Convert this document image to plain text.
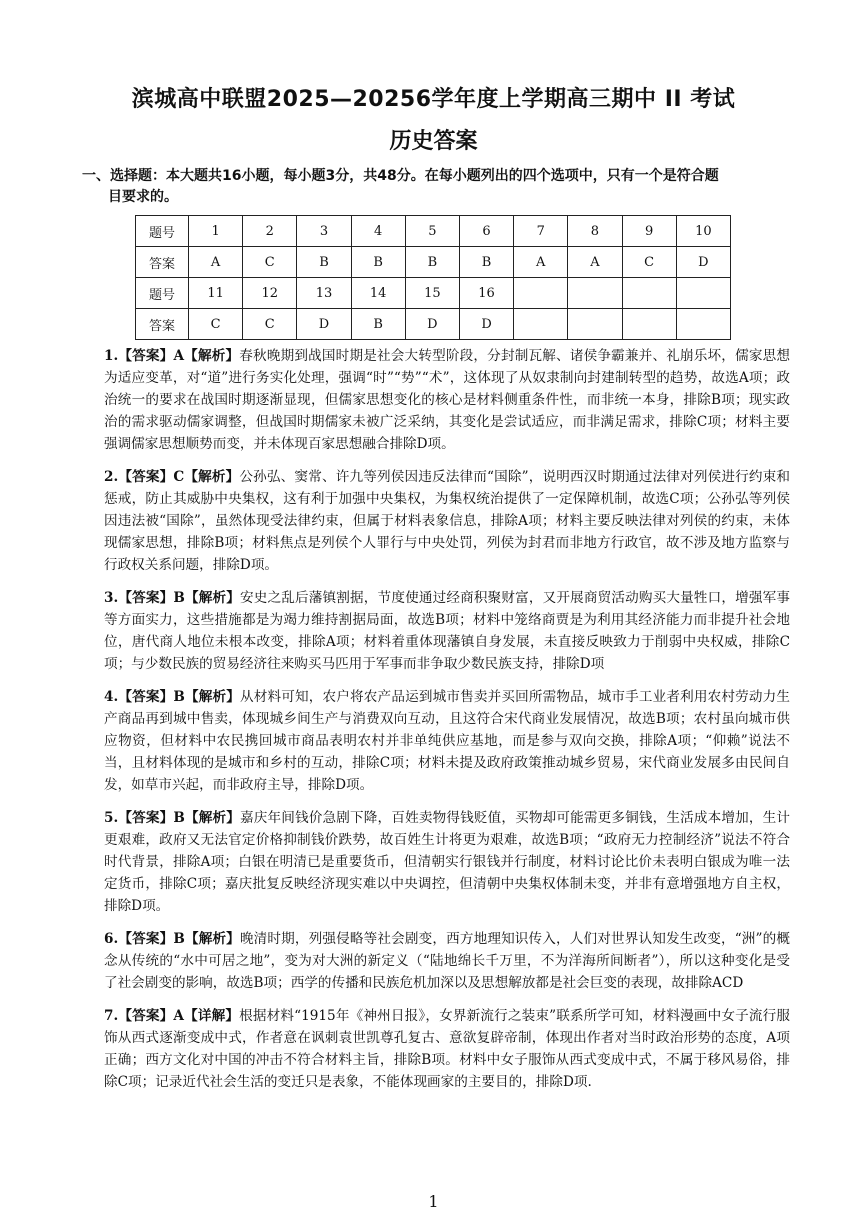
滨城高中联盟2025—20256学年度上学期高三期中 II 考试
历史答案
一、选择题：本大题共16小题，每小题3分，共48分。在每小题列出的四个选项中，只有一个是符合题
目要求的。
题号	1	2	3	4	5	6	7	8	9	10
答案	A	C	B	B	B	B	A	A	C	D
题号	11	12	13	14	15	16				
答案	C	C	D	B	D	D				

1.【答案】A【解析】春秋晚期到战国时期是社会大转型阶段，分封制瓦解、诸侯争霸兼并、礼崩乐坏，儒家思想为适应变革，对“道”进行务实化处理，强调“时”“势”“术”，这体现了从奴隶制向封建制转型的趋势，故选A项；政治统一的要求在战国时期逐渐显现，但儒家思想变化的核心是材料侧重条件性，而非统一本身，排除B项；现实政治的需求驱动儒家调整，但战国时期儒家未被广泛采纳，其变化是尝试适应，而非满足需求，排除C项；材料主要强调儒家思想顺势而变，并未体现百家思想融合排除D项。

2.【答案】C【解析】公孙弘、窦常、许九等列侯因违反法律而“国除”，说明西汉时期通过法律对列侯进行约束和惩戒，防止其威胁中央集权，这有利于加强中央集权，为集权统治提供了一定保障机制，故选C项；公孙弘等列侯因违法被“国除”，虽然体现受法律约束，但属于材料表象信息，排除A项；材料主要反映法律对列侯的约束，未体现儒家思想，排除B项；材料焦点是列侯个人罪行与中央处罚，列侯为封君而非地方行政官，故不涉及地方监察与行政权关系问题，排除D项。

3.【答案】B【解析】安史之乱后藩镇割据，节度使通过经商积聚财富，又开展商贸活动购买大量牲口，增强军事等方面实力，这些措施都是为竭力维持割据局面，故选B项；材料中笼络商贾是为利用其经济能力而非提升社会地位，唐代商人地位未根本改变，排除A项；材料着重体现藩镇自身发展，未直接反映致力于削弱中央权威，排除C项；与少数民族的贸易经济往来购买马匹用于军事而非争取少数民族支持，排除D项

4.【答案】B【解析】从材料可知，农户将农产品运到城市售卖并买回所需物品，城市手工业者利用农村劳动力生产商品再到城中售卖，体现城乡间生产与消费双向互动，且这符合宋代商业发展情况，故选B项；农村虽向城市供应物资，但材料中农民携回城市商品表明农村并非单纯供应基地，而是参与双向交换，排除A项；“仰赖”说法不当，且材料体现的是城市和乡村的互动，排除C项；材料未提及政府政策推动城乡贸易，宋代商业发展多由民间自发，如草市兴起，而非政府主导，排除D项。

5.【答案】B【解析】嘉庆年间钱价急剧下降，百姓卖物得钱贬值，买物却可能需更多铜钱，生活成本增加，生计更艰难，政府又无法官定价格抑制钱价跌势，故百姓生计将更为艰难，故选B项；“政府无力控制经济”说法不符合时代背景，排除A项；白银在明清已是重要货币，但清朝实行银钱并行制度，材料讨论比价未表明白银成为唯一法定货币，排除C项；嘉庆批复反映经济现实难以中央调控，但清朝中央集权体制未变，并非有意增强地方自主权，排除D项。

6.【答案】B【解析】晚清时期，列强侵略等社会剧变，西方地理知识传入，人们对世界认知发生改变，“洲”的概念从传统的“水中可居之地”，变为对大洲的新定义（“陆地绵长千万里，不为洋海所间断者”），所以这种变化是受了社会剧变的影响，故选B项；西学的传播和民族危机加深以及思想解放都是社会巨变的表现，故排除ACD

7.【答案】A【详解】根据材料“1915年《神州日报》，女界新流行之装束”联系所学可知，材料漫画中女子流行服饰从西式逐渐变成中式，作者意在讽刺袁世凯尊孔复古、意欲复辟帝制，体现出作者对当时政治形势的态度，A项正确；西方文化对中国的冲击不符合材料主旨，排除B项。材料中女子服饰从西式变成中式，不属于移风易俗，排除C项；记录近代社会生活的变迁只是表象，不能体现画家的主要目的，排除D项.

1
